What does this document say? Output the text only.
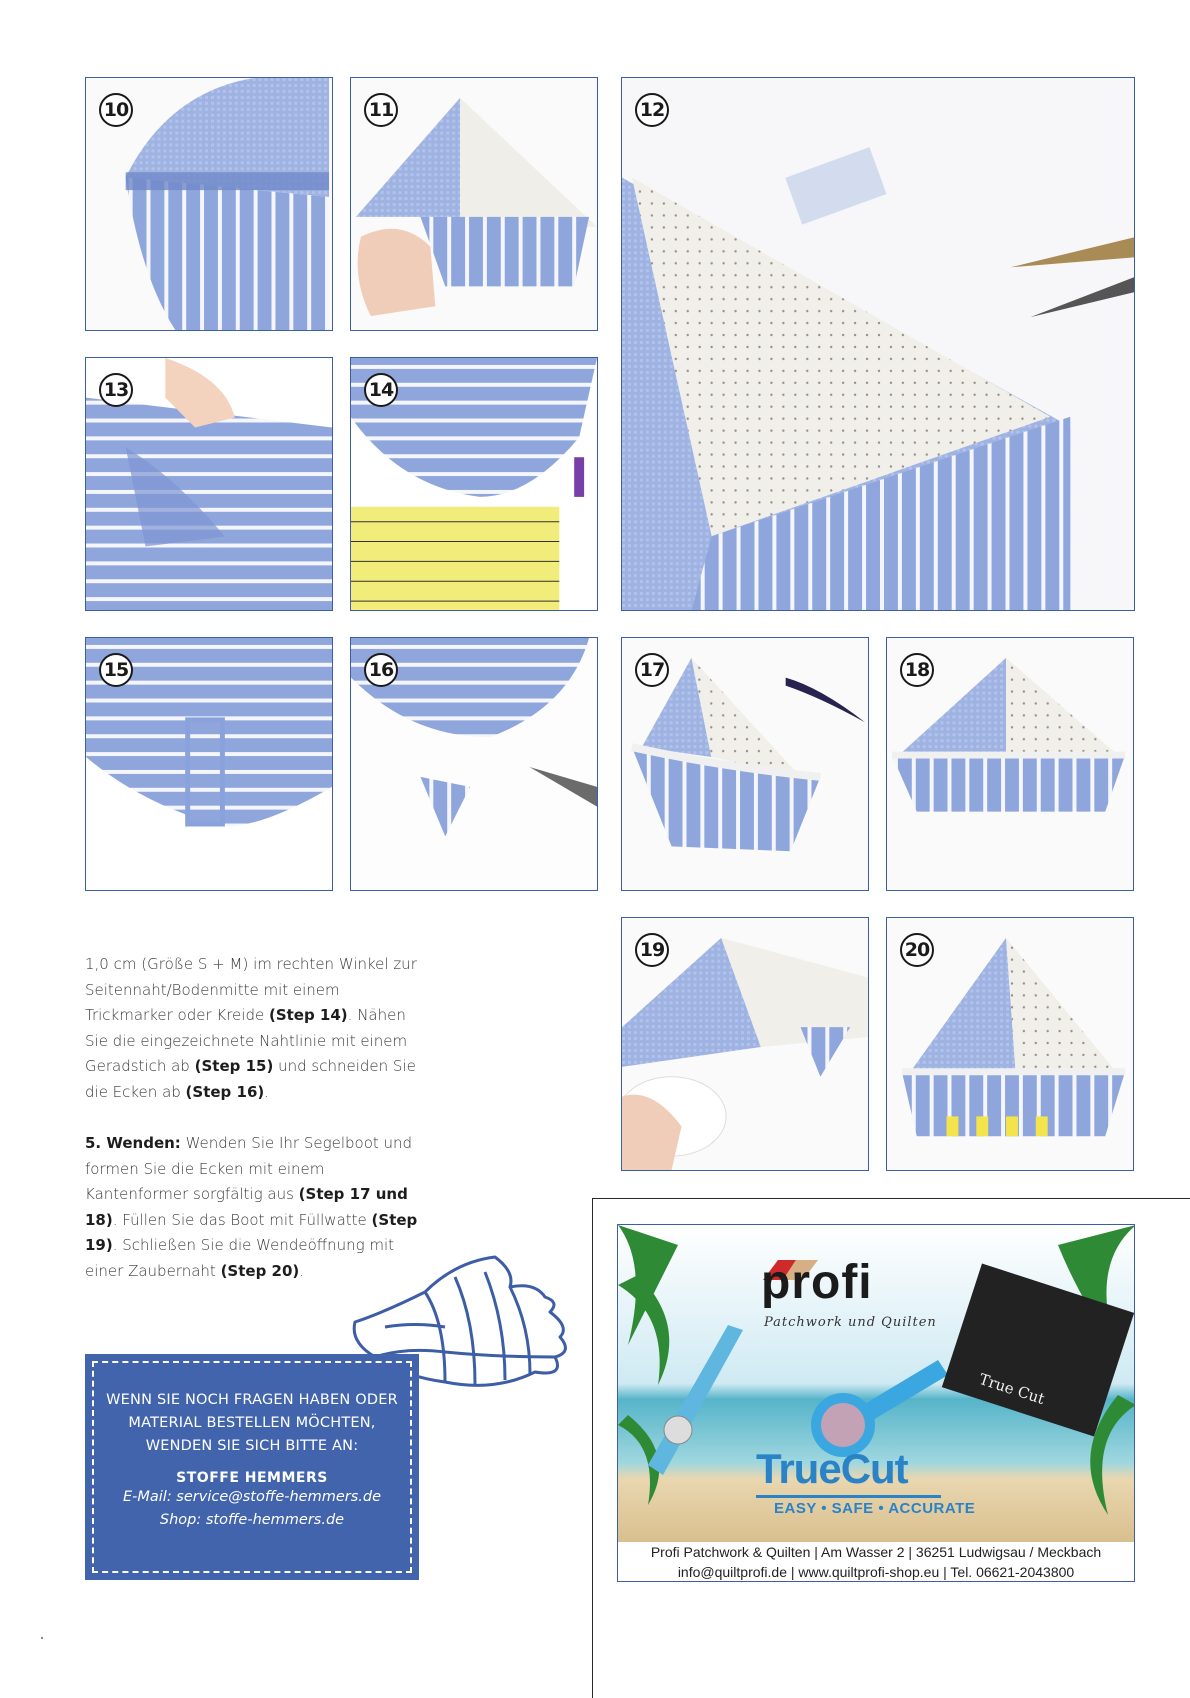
10	11	12
13	14
15	16	17	18
19	20

1,0 cm (Größe S + M) im rechten Winkel zur Seitennaht/Bodenmitte mit einem Trickmarker oder Kreide (Step 14). Nähen Sie die eingezeichnete Nahtlinie mit einem Geradstich ab (Step 15) und schneiden Sie die Ecken ab (Step 16).

5. Wenden: Wenden Sie Ihr Segelboot und formen Sie die Ecken mit einem Kantenformer sorgfältig aus (Step 17 und 18). Füllen Sie das Boot mit Füllwatte (Step 19). Schließen Sie die Wendeöffnung mit einer Zaubernaht (Step 20).

WENN SIE NOCH FRAGEN HABEN ODER MATERIAL BESTELLEN MÖCHTEN, WENDEN SIE SICH BITTE AN:
STOFFE HEMMERS
E-Mail: service@stoffe-hemmers.de
Shop: stoffe-hemmers.de
profi
Patchwork und Quilten
True Cut
TrueCut
EASY • SAFE • ACCURATE
Profi Patchwork & Quilten | Am Wasser 2 | 36251 Ludwigsau / Meckbach
info@quiltprofi.de | www.quiltprofi-shop.eu | Tel. 06621-2043800
